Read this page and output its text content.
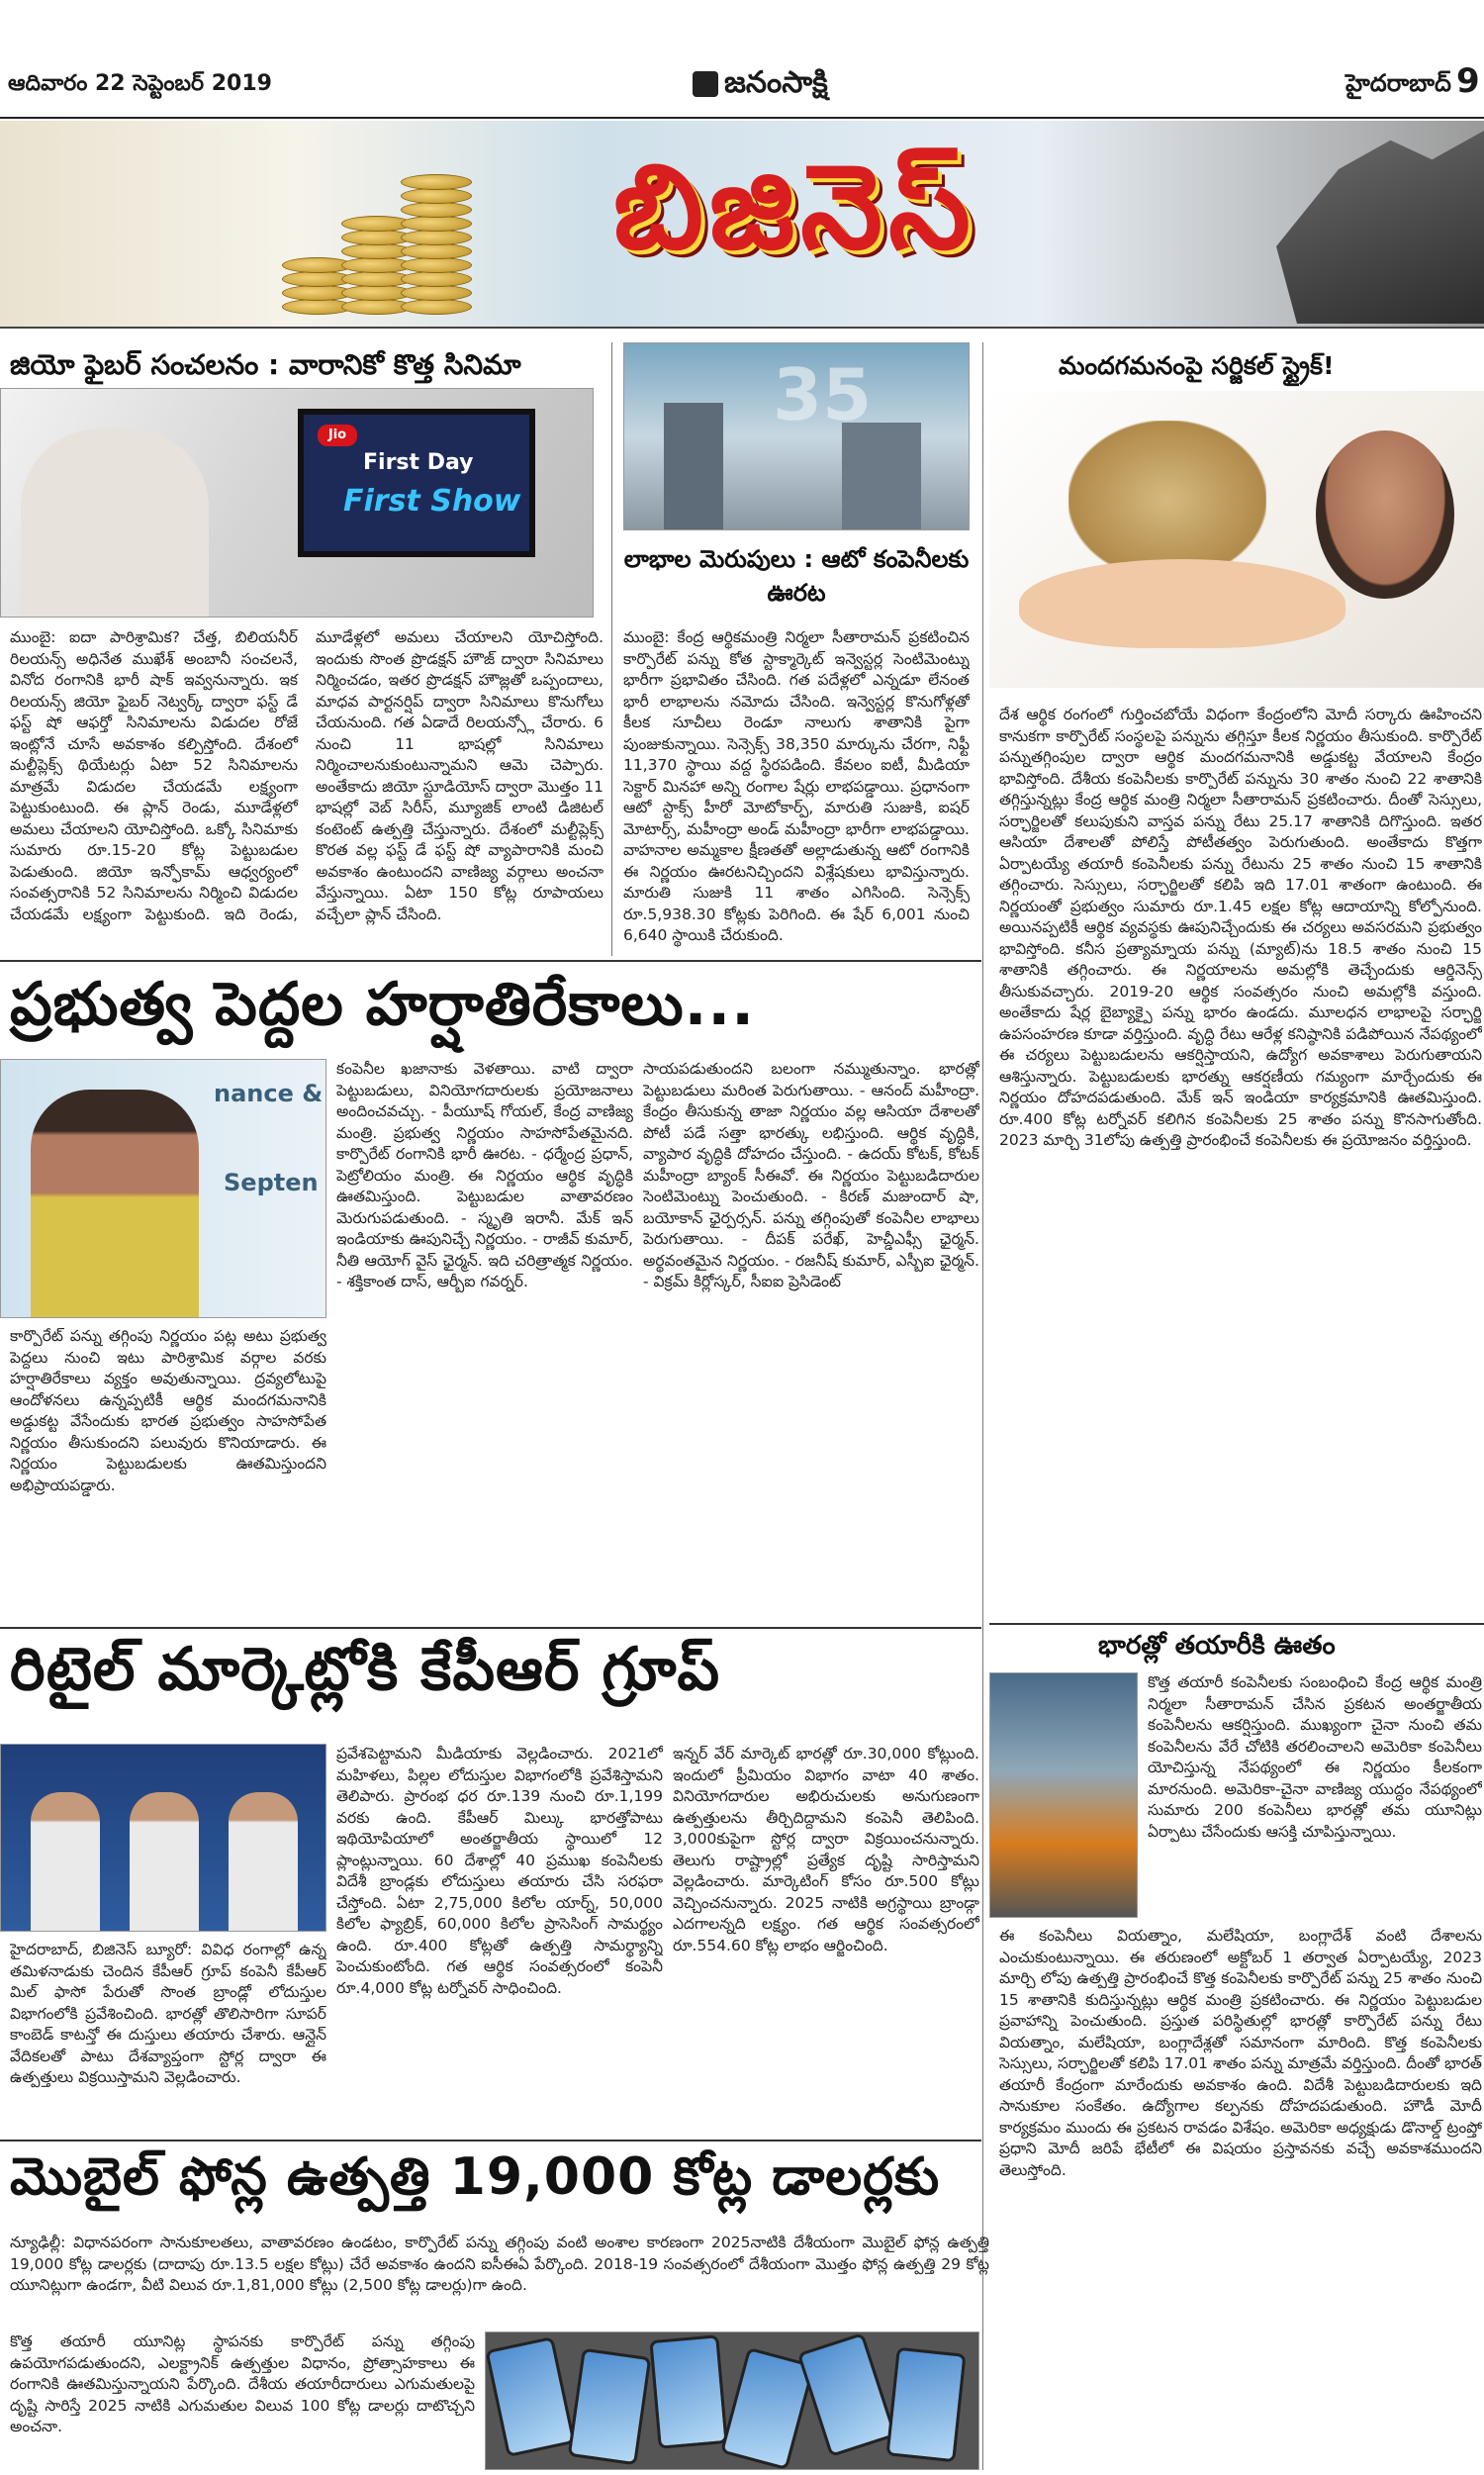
ఆదివారం 22 సెప్టెంబర్ 2019	జనంసాక్షి	హైదరాబాద్ 9
బిజినెస్
జియో ఫైబర్ సంచలనం : వారానికో కొత్త సినిమా
Jio
First Day
First Show
ముంబై: ఐదా పారిశ్రామిక? చేత్త, బిలియనీర్ రిలయన్స్ అధినేత ముఖేశ్ అంబానీ సంచలనే, వినోద రంగానికి భారీ షాక్ ఇవ్వనున్నారు. ఇక రిలయన్స్ జియో ఫైబర్ నెట్వర్క్ ద్వారా ఫస్ట్ డే ఫస్ట్ షో ఆఫర్తో సినిమాలను విడుదల రోజే ఇంట్లోనే చూసే అవకాశం కల్పిస్తోంది. దేశంలో మల్టీప్లెక్స్ థియేటర్లు ఏటా 52 సినిమాలను మాత్రమే విడుదల చేయడమే లక్ష్యంగా పెట్టుకుంటుంది. ఈ ప్లాన్ రెండు, మూడేళ్లలో అమలు చేయాలని యోచిస్తోంది. ఒక్కో సినిమాకు సుమారు రూ.15-20 కోట్ల పెట్టుబడుల పెడుతుంది. జియో ఇన్ఫోకామ్ ఆధ్వర్యంలో సంవత్సరానికి 52 సినిమాలను నిర్మించి విడుదల చేయడమే లక్ష్యంగా పెట్టుకుంది. ఇది రెండు, మూడేళ్లలో అమలు చేయాలని యోచిస్తోంది. ఇందుకు సొంత ప్రొడక్షన్ హౌజ్ ద్వారా సినిమాలు నిర్మించడం, ఇతర ప్రొడక్షన్ హౌజ్లతో ఒప్పందాలు, మాధవ పార్టనర్షిప్ ద్వారా సినిమాలు కొనుగోలు చేయనుంది. గత ఏడాదే రిలయన్స్లో చేరారు. 6 నుంచి 11 భాషల్లో సినిమాలు నిర్మించాలనుకుంటున్నామని ఆమె చెప్పారు. అంతేకాదు జియో స్టూడియోస్ ద్వారా మొత్తం 11 భాషల్లో వెబ్ సిరీస్, మ్యూజిక్ లాంటి డిజిటల్ కంటెంట్ ఉత్పత్తి చేస్తున్నారు. దేశంలో మల్టీప్లెక్స్ కొరత వల్ల ఫస్ట్ డే ఫస్ట్ షో వ్యాపారానికి మంచి అవకాశం ఉంటుందని వాణిజ్య వర్గాలు అంచనా వేస్తున్నాయి. ఏటా 150 కోట్ల రూపాయలు వచ్చేలా ప్లాన్ చేసింది.
35
లాభాల మెరుపులు : ఆటో కంపెనీలకు ఊరట
ముంబై: కేంద్ర ఆర్థికమంత్రి నిర్మలా సీతారామన్ ప్రకటించిన కార్పొరేట్ పన్ను కోత స్టాక్మార్కెట్ ఇన్వెస్టర్ల సెంటిమెంట్ను భారీగా ప్రభావితం చేసింది. గత పదేళ్లలో ఎన్నడూ లేనంత భారీ లాభాలను నమోదు చేసింది. ఇన్వెస్టర్ల కొనుగోళ్లతో కీలక సూచీలు రెండూ నాలుగు శాతానికి పైగా పుంజుకున్నాయి. సెన్సెక్స్ 38,350 మార్కును చేరగా, నిఫ్టీ 11,370 స్థాయి వద్ద స్థిరపడింది. కేవలం ఐటీ, మీడియా సెక్టార్ మినహా అన్ని రంగాల షేర్లు లాభపడ్డాయి. ప్రధానంగా ఆటో స్టాక్స్ హీరో మోటోకార్ప్, మారుతి సుజుకి, ఐషర్ మోటార్స్, మహీంద్రా అండ్ మహీంద్రా భారీగా లాభపడ్డాయి. వాహనాల అమ్మకాల క్షీణతతో అల్లాడుతున్న ఆటో రంగానికి ఈ నిర్ణయం ఊరటనిచ్చిందని విశ్లేషకులు భావిస్తున్నారు. మారుతి సుజుకి 11 శాతం ఎగిసింది. సెన్సెక్స్ రూ.5,938.30 కోట్లకు పెరిగింది. ఈ షేర్ 6,001 నుంచి 6,640 స్థాయికి చేరుకుంది.
మందగమనంపై సర్జికల్ స్ట్రైక్!
దేశ ఆర్థిక రంగంలో గుర్తించబోయే విధంగా కేంద్రంలోని మోదీ సర్కారు ఊహించని కానుకగా కార్పొరేట్ సంస్థలపై పన్నును తగ్గిస్తూ కీలక నిర్ణయం తీసుకుంది. కార్పొరేట్ పన్నుతగ్గింపుల ద్వారా ఆర్థిక మందగమనానికి అడ్డుకట్ట వేయాలని కేంద్రం భావిస్తోంది. దేశీయ కంపెనీలకు కార్పొరేట్ పన్నును 30 శాతం నుంచి 22 శాతానికి తగ్గిస్తున్నట్లు కేంద్ర ఆర్థిక మంత్రి నిర్మలా సీతారామన్ ప్రకటించారు. దీంతో సెస్సులు, సర్ఛార్జిలతో కలుపుకుని వాస్తవ పన్ను రేటు 25.17 శాతానికి దిగొస్తుంది. ఇతర ఆసియా దేశాలతో పోలిస్తే పోటీతత్వం పెరుగుతుంది. అంతేకాదు కొత్తగా ఏర్పాటయ్యే తయారీ కంపెనీలకు పన్ను రేటును 25 శాతం నుంచి 15 శాతానికి తగ్గించారు. సెస్సులు, సర్ఛార్జిలతో కలిపి ఇది 17.01 శాతంగా ఉంటుంది. ఈ నిర్ణయంతో ప్రభుత్వం సుమారు రూ.1.45 లక్షల కోట్ల ఆదాయాన్ని కోల్పోనుంది. అయినప్పటికీ ఆర్థిక వ్యవస్థకు ఊపునిచ్చేందుకు ఈ చర్యలు అవసరమని ప్రభుత్వం భావిస్తోంది. కనీస ప్రత్యామ్నాయ పన్ను (మ్యాట్)ను 18.5 శాతం నుంచి 15 శాతానికి తగ్గించారు. ఈ నిర్ణయాలను అమల్లోకి తెచ్చేందుకు ఆర్డినెన్స్ తీసుకువచ్చారు. 2019-20 ఆర్థిక సంవత్సరం నుంచి అమల్లోకి వస్తుంది. అంతేకాదు షేర్ల బైబ్యాక్పై పన్ను భారం ఉండదు. మూలధన లాభాలపై సర్ఛార్జి ఉపసంహరణ కూడా వర్తిస్తుంది. వృద్ధి రేటు ఆరేళ్ల కనిష్ఠానికి పడిపోయిన నేపథ్యంలో ఈ చర్యలు పెట్టుబడులను ఆకర్షిస్తాయని, ఉద్యోగ అవకాశాలు పెరుగుతాయని ఆశిస్తున్నారు. పెట్టుబడులకు భారత్ను ఆకర్షణీయ గమ్యంగా మార్చేందుకు ఈ నిర్ణయం దోహదపడుతుంది. మేక్ ఇన్ ఇండియా కార్యక్రమానికి ఊతమిస్తుంది. రూ.400 కోట్ల టర్నోవర్ కలిగిన కంపెనీలకు 25 శాతం పన్ను కొనసాగుతోంది. 2023 మార్చి 31లోపు ఉత్పత్తి ప్రారంభించే కంపెనీలకు ఈ ప్రయోజనం వర్తిస్తుంది.
ప్రభుత్వ పెద్దల హర్షాతిరేకాలు...
nance &
Septen
కార్పొరేట్ పన్ను తగ్గింపు నిర్ణయం పట్ల అటు ప్రభుత్వ పెద్దలు నుంచి ఇటు పారిశ్రామిక వర్గాల వరకు హర్షాతిరేకాలు వ్యక్తం అవుతున్నాయి. ద్రవ్యలోటుపై ఆందోళనలు ఉన్నప్పటికీ ఆర్థిక మందగమనానికి అడ్డుకట్ట వేసేందుకు భారత ప్రభుత్వం సాహసోపేత నిర్ణయం తీసుకుందని పలువురు కొనియాడారు. ఈ నిర్ణయం పెట్టుబడులకు ఊతమిస్తుందని అభిప్రాయపడ్డారు.
కంపెనీల ఖజానాకు వెళతాయి. వాటి ద్వారా పెట్టుబడులు, వినియోగదారులకు ప్రయోజనాలు అందించవచ్చు. - పీయూష్ గోయల్, కేంద్ర వాణిజ్య మంత్రి. ప్రభుత్వ నిర్ణయం సాహసోపేతమైనది. కార్పొరేట్ రంగానికి భారీ ఊరట. - ధర్మేంద్ర ప్రధాన్, పెట్రోలియం మంత్రి. ఈ నిర్ణయం ఆర్థిక వృద్ధికి ఊతమిస్తుంది. పెట్టుబడుల వాతావరణం మెరుగుపడుతుంది. - స్మృతి ఇరానీ. మేక్ ఇన్ ఇండియాకు ఊపునిచ్చే నిర్ణయం. - రాజీవ్ కుమార్, నీతి ఆయోగ్ వైస్ ఛైర్మన్. ఇది చరిత్రాత్మక నిర్ణయం. - శక్తికాంత దాస్, ఆర్బీఐ గవర్నర్.
సాయపడుతుందని బలంగా నమ్ముతున్నాం. భారత్లో పెట్టుబడులు మరింత పెరుగుతాయి. - ఆనంద్ మహీంద్రా. కేంద్రం తీసుకున్న తాజా నిర్ణయం వల్ల ఆసియా దేశాలతో పోటీ పడే సత్తా భారత్కు లభిస్తుంది. ఆర్థిక వృద్ధికి, వ్యాపార వృద్ధికి దోహదం చేస్తుంది. - ఉదయ్ కోటక్, కోటక్ మహీంద్రా బ్యాంక్ సీఈవో. ఈ నిర్ణయం పెట్టుబడిదారుల సెంటిమెంట్ను పెంచుతుంది. - కిరణ్ మజుందార్ షా, బయోకాన్ ఛైర్పర్సన్. పన్ను తగ్గింపుతో కంపెనీల లాభాలు పెరుగుతాయి. - దీపక్ పరేఖ్, హెచ్డీఎఫ్సీ ఛైర్మన్. అర్థవంతమైన నిర్ణయం. - రజనీష్ కుమార్, ఎస్బీఐ ఛైర్మన్. - విక్రమ్ కిర్లోస్కర్, సీఐఐ ప్రెసిడెంట్
రిటైల్ మార్కెట్లోకి కేపీఆర్ గ్రూప్
హైదరాబాద్, బిజినెస్ బ్యూరో: వివిధ రంగాల్లో ఉన్న తమిళనాడుకు చెందిన కేపీఆర్ గ్రూప్ కంపెనీ కేపీఆర్ మిల్ ఫాసో పేరుతో సొంత బ్రాండ్లో లోదుస్తుల విభాగంలోకి ప్రవేశించింది. భారత్లో తొలిసారిగా సూపర్ కాంబెడ్ కాటన్తో ఈ దుస్తులు తయారు చేశారు. ఆన్లైన్ వేదికలతో పాటు దేశవ్యాప్తంగా స్టోర్ల ద్వారా ఈ ఉత్పత్తులు విక్రయిస్తామని వెల్లడించారు.
ప్రవేశపెట్టామని మీడియాకు వెల్లడించారు. 2021లో మహిళలు, పిల్లల లోదుస్తుల విభాగంలోకి ప్రవేశిస్తామని తెలిపారు. ప్రారంభ ధర రూ.139 నుంచి రూ.1,199 వరకు ఉంది. కేపీఆర్ మిల్కు భారత్తోపాటు ఇథియోపియాలో అంతర్జాతీయ స్థాయిలో 12 ప్లాంట్లున్నాయి. 60 దేశాల్లో 40 ప్రముఖ కంపెనీలకు విదేశీ బ్రాండ్లకు లోదుస్తులు తయారు చేసి సరఫరా చేస్తోంది. ఏటా 2,75,000 కిలోల యార్న్, 50,000 కిలోల ఫ్యాబ్రిక్, 60,000 కిలోల ప్రాసెసింగ్ సామర్థ్యం ఉంది. రూ.400 కోట్లతో ఉత్పత్తి సామర్థ్యాన్ని పెంచుకుంటోంది. గత ఆర్థిక సంవత్సరంలో కంపెనీ రూ.4,000 కోట్ల టర్నోవర్ సాధించింది.
ఇన్నర్ వేర్ మార్కెట్ భారత్లో రూ.30,000 కోట్లుంది. ఇందులో ప్రీమియం విభాగం వాటా 40 శాతం. వినియోగదారుల అభిరుచులకు అనుగుణంగా ఉత్పత్తులను తీర్చిదిద్దామని కంపెనీ తెలిపింది. 3,000కుపైగా స్టోర్ల ద్వారా విక్రయించనున్నారు. తెలుగు రాష్ట్రాల్లో ప్రత్యేక దృష్టి సారిస్తామని వెల్లడించారు. మార్కెటింగ్ కోసం రూ.500 కోట్లు వెచ్చించనున్నారు. 2025 నాటికి అగ్రస్థాయి బ్రాండ్గా ఎదగాలన్నది లక్ష్యం. గత ఆర్థిక సంవత్సరంలో రూ.554.60 కోట్ల లాభం ఆర్జించింది.
భారత్లో తయారీకి ఊతం
కొత్త తయారీ కంపెనీలకు సంబంధించి కేంద్ర ఆర్థిక మంత్రి నిర్మలా సీతారామన్ చేసిన ప్రకటన అంతర్జాతీయ కంపెనీలను ఆకర్షిస్తుంది. ముఖ్యంగా చైనా నుంచి తమ కంపెనీలను వేరే చోటికి తరలించాలని అమెరికా కంపెనీలు యోచిస్తున్న నేపథ్యంలో ఈ నిర్ణయం కీలకంగా మారనుంది. అమెరికా-చైనా వాణిజ్య యుద్ధం నేపథ్యంలో సుమారు 200 కంపెనీలు భారత్లో తమ యూనిట్లు ఏర్పాటు చేసేందుకు ఆసక్తి చూపిస్తున్నాయి.
ఈ కంపెనీలు వియత్నాం, మలేషియా, బంగ్లాదేశ్ వంటి దేశాలను ఎంచుకుంటున్నాయి. ఈ తరుణంలో అక్టోబర్ 1 తర్వాత ఏర్పాటయ్యే, 2023 మార్చి లోపు ఉత్పత్తి ప్రారంభించే కొత్త కంపెనీలకు కార్పొరేట్ పన్ను 25 శాతం నుంచి 15 శాతానికి కుదిస్తున్నట్లు ఆర్థిక మంత్రి ప్రకటించారు. ఈ నిర్ణయం పెట్టుబడుల ప్రవాహాన్ని పెంచుతుంది. ప్రస్తుత పరిస్థితుల్లో భారత్లో కార్పొరేట్ పన్ను రేటు వియత్నాం, మలేషియా, బంగ్లాదేశ్లతో సమానంగా మారింది. కొత్త కంపెనీలకు సెస్సులు, సర్ఛార్జిలతో కలిపి 17.01 శాతం పన్ను మాత్రమే వర్తిస్తుంది. దీంతో భారత్ తయారీ కేంద్రంగా మారేందుకు అవకాశం ఉంది. విదేశీ పెట్టుబడిదారులకు ఇది సానుకూల సంకేతం. ఉద్యోగాల కల్పనకు దోహదపడుతుంది. హౌడీ మోదీ కార్యక్రమం ముందు ఈ ప్రకటన రావడం విశేషం. అమెరికా అధ్యక్షుడు డొనాల్డ్ ట్రంప్తో ప్రధాని మోదీ జరిపే భేటీలో ఈ విషయం ప్రస్తావనకు వచ్చే అవకాశముందని తెలుస్తోంది.
మొబైల్ ఫోన్ల ఉత్పత్తి 19,000 కోట్ల డాలర్లకు
న్యూఢిల్లీ: విధానపరంగా సానుకూలతలు, వాతావరణం ఉండటం, కార్పొరేట్ పన్ను తగ్గింపు వంటి అంశాల కారణంగా 2025నాటికి దేశీయంగా మొబైల్ ఫోన్ల ఉత్పత్తి 19,000 కోట్ల డాలర్లకు (దాదాపు రూ.13.5 లక్షల కోట్లు) చేరే అవకాశం ఉందని ఐసీఈఏ పేర్కొంది. 2018-19 సంవత్సరంలో దేశీయంగా మొత్తం ఫోన్ల ఉత్పత్తి 29 కోట్ల యూనిట్లుగా ఉండగా, వీటి విలువ రూ.1,81,000 కోట్లు (2,500 కోట్ల డాలర్లు)గా ఉంది.
కొత్త తయారీ యూనిట్ల స్థాపనకు కార్పొరేట్ పన్ను తగ్గింపు ఉపయోగపడుతుందని, ఎలక్ట్రానిక్ ఉత్పత్తుల విధానం, ప్రోత్సాహకాలు ఈ రంగానికి ఊతమిస్తున్నాయని పేర్కొంది. దేశీయ తయారీదారులు ఎగుమతులపై దృష్టి సారిస్తే 2025 నాటికి ఎగుమతుల విలువ 100 కోట్ల డాలర్లు దాటొచ్చని అంచనా.
